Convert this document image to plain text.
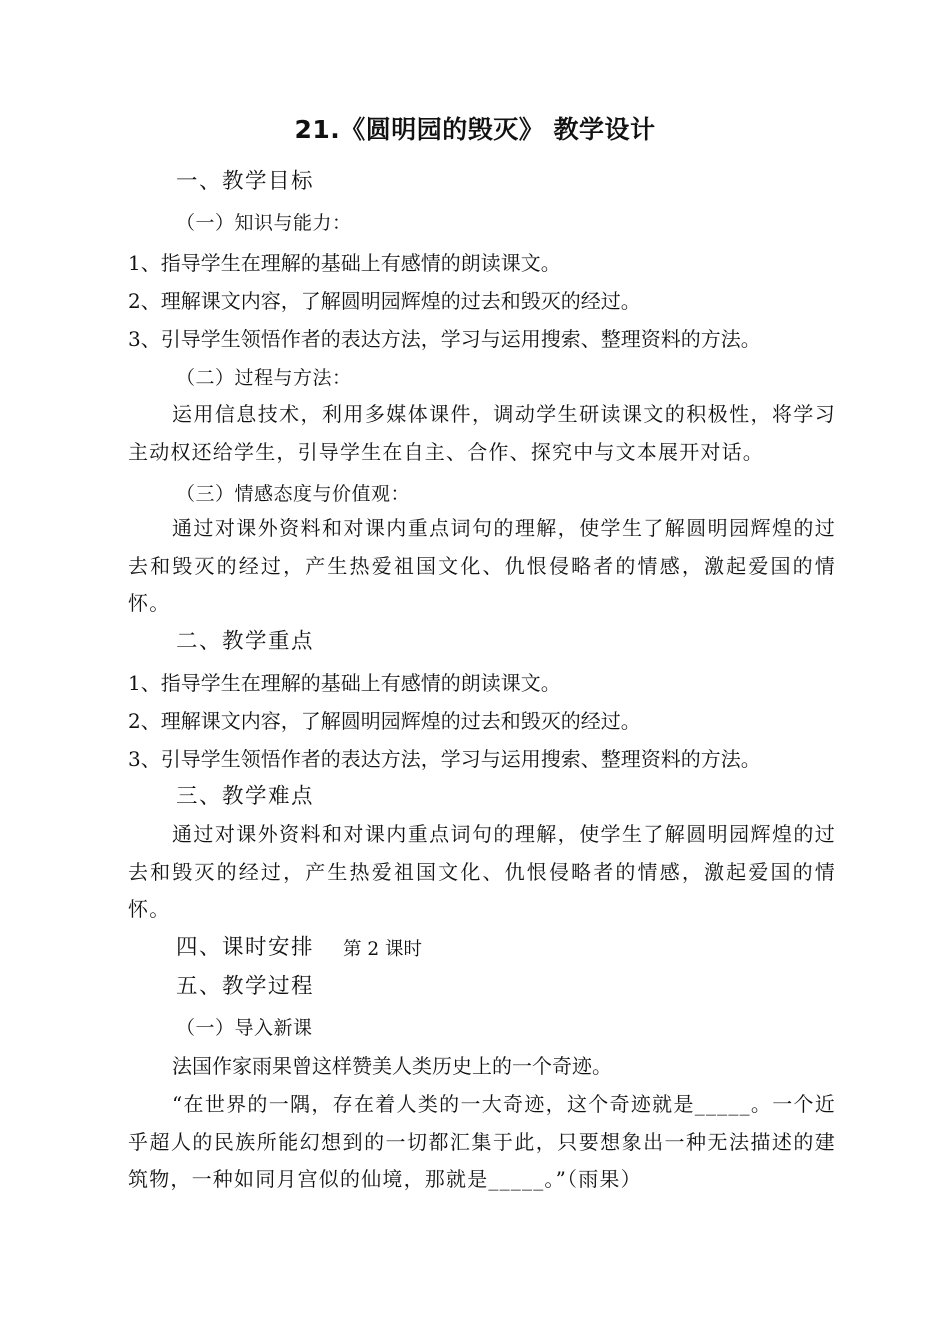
21.《圆明园的毁灭》 教学设计
一、教学目标
（一）知识与能力：
1、指导学生在理解的基础上有感情的朗读课文。
2、理解课文内容，了解圆明园辉煌的过去和毁灭的经过。
3、引导学生领悟作者的表达方法，学习与运用搜索、整理资料的方法。
（二）过程与方法：
运用信息技术，利用多媒体课件，调动学生研读课文的积极性，将学习主动权还给学生，引导学生在自主、合作、探究中与文本展开对话。
（三）情感态度与价值观：
通过对课外资料和对课内重点词句的理解，使学生了解圆明园辉煌的过去和毁灭的经过，产生热爱祖国文化、仇恨侵略者的情感，激起爱国的情怀。
二、教学重点
1、指导学生在理解的基础上有感情的朗读课文。
2、理解课文内容，了解圆明园辉煌的过去和毁灭的经过。
3、引导学生领悟作者的表达方法，学习与运用搜索、整理资料的方法。
三、教学难点
通过对课外资料和对课内重点词句的理解，使学生了解圆明园辉煌的过去和毁灭的经过，产生热爱祖国文化、仇恨侵略者的情感，激起爱国的情怀。
四、课时安排 第 2 课时
五、教学过程
（一）导入新课
法国作家雨果曾这样赞美人类历史上的一个奇迹。
“在世界的一隅，存在着人类的一大奇迹，这个奇迹就是_____。一个近乎超人的民族所能幻想到的一切都汇集于此，只要想象出一种无法描述的建筑物，一种如同月宫似的仙境，那就是_____。”（雨果）
